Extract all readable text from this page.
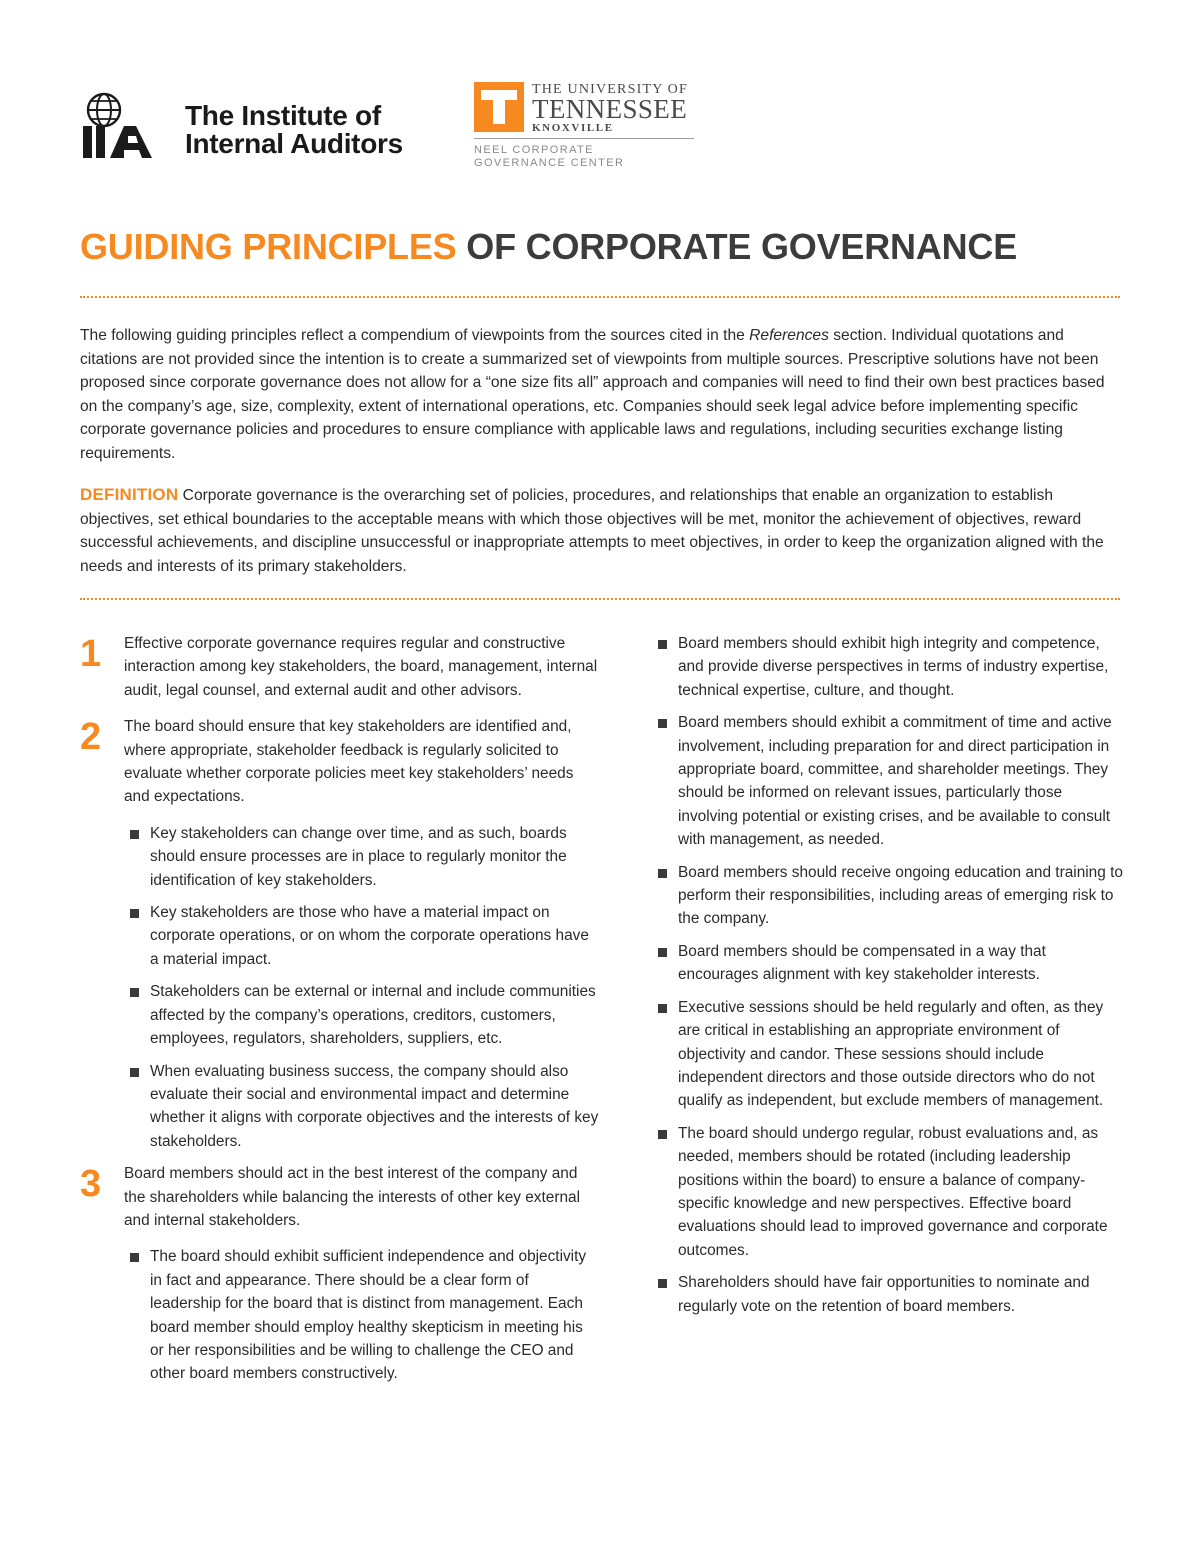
The Institute of
Internal Auditors
THE UNIVERSITY OF
TENNESSEE
KNOXVILLE
NEEL CORPORATE
GOVERNANCE CENTER
GUIDING PRINCIPLES OF CORPORATE GOVERNANCE

The following guiding principles reflect a compendium of viewpoints from the sources cited in the References section. Individual quotations and citations are not provided since the intention is to create a summarized set of viewpoints from multiple sources. Prescriptive solutions have not been proposed since corporate governance does not allow for a “one size fits all” approach and companies will need to find their own best practices based on the company’s age, size, complexity, extent of international operations, etc. Companies should seek legal advice before implementing specific corporate governance policies and procedures to ensure compliance with applicable laws and regulations, including securities exchange listing requirements.

DEFINITION Corporate governance is the overarching set of policies, procedures, and relationships that enable an organization to establish objectives, set ethical boundaries to the acceptable means with which those objectives will be met, monitor the achievement of objectives, reward successful achievements, and discipline unsuccessful or inappropriate attempts to meet objectives, in order to keep the organization aligned with the needs and interests of its primary stakeholders.

1 Effective corporate governance requires regular and constructive interaction among key stakeholders, the board, management, internal audit, legal counsel, and external audit and other advisors.

2 The board should ensure that key stakeholders are identified and, where appropriate, stakeholder feedback is regularly solicited to evaluate whether corporate policies meet key stakeholders’ needs and expectations.

Key stakeholders can change over time, and as such, boards should ensure processes are in place to regularly monitor the identification of key stakeholders.

Key stakeholders are those who have a material impact on corporate operations, or on whom the corporate operations have a material impact.

Stakeholders can be external or internal and include communities affected by the company’s operations, creditors, customers, employees, regulators, shareholders, suppliers, etc.

When evaluating business success, the company should also evaluate their social and environmental impact and determine whether it aligns with corporate objectives and the interests of key stakeholders.

3 Board members should act in the best interest of the company and the shareholders while balancing the interests of other key external and internal stakeholders.

The board should exhibit sufficient independence and objectivity in fact and appearance. There should be a clear form of leadership for the board that is distinct from management. Each board member should employ healthy skepticism in meeting his or her responsibilities and be willing to challenge the CEO and other board members constructively.

Board members should exhibit high integrity and competence, and provide diverse perspectives in terms of industry expertise, technical expertise, culture, and thought.

Board members should exhibit a commitment of time and active involvement, including preparation for and direct participation in appropriate board, committee, and shareholder meetings. They should be informed on relevant issues, particularly those involving potential or existing crises, and be available to consult with management, as needed.

Board members should receive ongoing education and training to perform their responsibilities, including areas of emerging risk to the company.

Board members should be compensated in a way that encourages alignment with key stakeholder interests.

Executive sessions should be held regularly and often, as they are critical in establishing an appropriate environment of objectivity and candor. These sessions should include independent directors and those outside directors who do not qualify as independent, but exclude members of management.

The board should undergo regular, robust evaluations and, as needed, members should be rotated (including leadership positions within the board) to ensure a balance of company-specific knowledge and new perspectives. Effective board evaluations should lead to improved governance and corporate outcomes.

Shareholders should have fair opportunities to nominate and regularly vote on the retention of board members.
